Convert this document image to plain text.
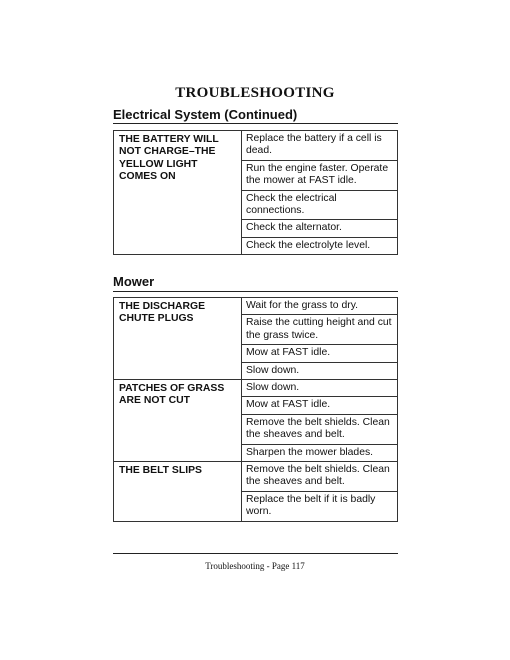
TROUBLESHOOTING
Electrical System (Continued)
THE BATTERY WILL NOT CHARGE–THE YELLOW LIGHT COMES ON	Replace the battery if a cell is dead.
Run the engine faster. Operate the mower at FAST idle.
Check the electrical connections.
Check the alternator.
Check the electrolyte level.
Mower
THE DISCHARGE CHUTE PLUGS	Wait for the grass to dry.
	Raise the cutting height and cut the grass twice.
	Mow at FAST idle.
	Slow down.
PATCHES OF GRASS ARE NOT CUT	Slow down.
	Mow at FAST idle.
	Remove the belt shields. Clean the sheaves and belt.
	Sharpen the mower blades.
THE BELT SLIPS	Remove the belt shields. Clean the sheaves and belt.
	Replace the belt if it is badly worn.
Troubleshooting - Page 117
